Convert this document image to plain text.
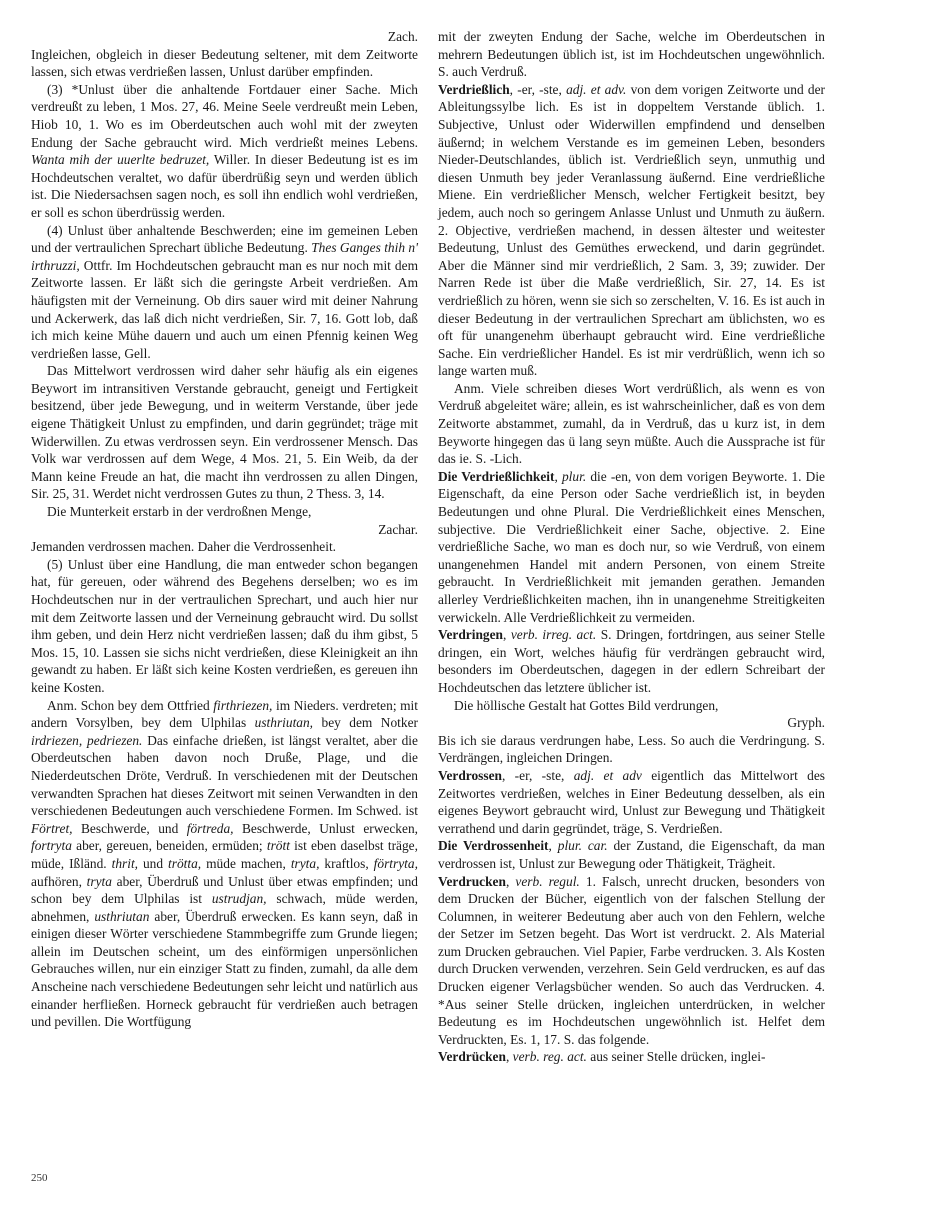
Zach.

Ingleichen, obgleich in dieser Bedeutung seltener, mit dem Zeitworte lassen, sich etwas verdrießen lassen, Unlust darüber empfinden.

(3) *Unlust über die anhaltende Fortdauer einer Sache. Mich verdreußt zu leben, 1 Mos. 27, 46. Meine Seele verdreußt mein Leben, Hiob 10, 1. Wo es im Oberdeutschen auch wohl mit der zweyten Endung der Sache gebraucht wird. Mich verdrießt meines Lebens. Wanta mih der uuerlte bedruzet, Willer. In dieser Bedeutung ist es im Hochdeutschen veraltet, wo dafür überdrüßig seyn und werden üblich ist. Die Niedersachsen sagen noch, es soll ihn endlich wohl verdrießen, er soll es schon überdrüssig werden.

(4) Unlust über anhaltende Beschwerden; eine im gemeinen Leben und der vertraulichen Sprechart übliche Bedeutung. Thes Ganges thih n' irthruzzi, Ottfr. Im Hochdeutschen gebraucht man es nur noch mit dem Zeitworte lassen. Er läßt sich die geringste Arbeit verdrießen. Am häufigsten mit der Verneinung. Ob dirs sauer wird mit deiner Nahrung und Ackerwerk, das laß dich nicht verdrießen, Sir. 7, 16. Gott lob, daß ich mich keine Mühe dauern und auch um einen Pfennig keinen Weg verdrießen lasse, Gell.

Das Mittelwort verdrossen wird daher sehr häufig als ein eigenes Beywort im intransitiven Verstande gebraucht, geneigt und Fertigkeit besitzend, über jede Bewegung, und in weiterm Verstande, über jede eigene Thätigkeit Unlust zu empfinden, und darin gegründet; träge mit Widerwillen. Zu etwas verdrossen seyn. Ein verdrossener Mensch. Das Volk war verdrossen auf dem Wege, 4 Mos. 21, 5. Ein Weib, da der Mann keine Freude an hat, die macht ihn verdrossen zu allen Dingen, Sir. 25, 31. Werdet nicht verdrossen Gutes zu thun, 2 Thess. 3, 14.

Die Munterkeit erstarb in der verdroßnen Menge,

Zachar.

Jemanden verdrossen machen. Daher die Verdrossenheit.

(5) Unlust über eine Handlung, die man entweder schon begangen hat, für gereuen, oder während des Begehens derselben; wo es im Hochdeutschen nur in der vertraulichen Sprechart, und auch hier nur mit dem Zeitworte lassen und der Verneinung gebraucht wird. Du sollst ihm geben, und dein Herz nicht verdrießen lassen; daß du ihm gibst, 5 Mos. 15, 10. Lassen sie sichs nicht verdrießen, diese Kleinigkeit an ihn gewandt zu haben. Er läßt sich keine Kosten verdrießen, es gereuen ihn keine Kosten.

Anm. Schon bey dem Ottfried firthriezen, im Nieders. verdreten; mit andern Vorsylben, bey dem Ulphilas usthriutan, bey dem Notker irdriezen, pedriezen. Das einfache drießen, ist längst veraltet, aber die Oberdeutschen haben davon noch Druße, Plage, und die Niederdeutschen Dröte, Verdruß. In verschiedenen mit der Deutschen verwandten Sprachen hat dieses Zeitwort mit seinen Verwandten in den verschiedenen Bedeutungen auch verschiedene Formen. Im Schwed. ist Förtret, Beschwerde, und förtreda, Beschwerde, Unlust erwecken, fortryta aber, gereuen, beneiden, ermüden; trött ist eben daselbst träge, müde, Ißländ. thrit, und trötta, müde machen, tryta, kraftlos, förtryta, aufhören, tryta aber, Überdruß und Unlust über etwas empfinden; und schon bey dem Ulphilas ist ustrudjan, schwach, müde werden, abnehmen, usthriutan aber, Überdruß erwecken. Es kann seyn, daß in einigen dieser Wörter verschiedene Stammbegriffe zum Grunde liegen; allein im Deutschen scheint, um des einförmigen unpersönlichen Gebrauches willen, nur ein einziger Statt zu finden, zumahl, da alle dem Anscheine nach verschiedene Bedeutungen sehr leicht und natürlich aus einander herfließen. Horneck gebraucht für verdrießen auch betragen und pevillen. Die Wortfügung

mit der zweyten Endung der Sache, welche im Oberdeutschen in mehrern Bedeutungen üblich ist, ist im Hochdeutschen ungewöhnlich. S. auch Verdruß.

Verdrießlich, -er, -ste, adj. et adv. von dem vorigen Zeitworte und der Ableitungssylbe lich. Es ist in doppeltem Verstande üblich. 1. Subjective, Unlust oder Widerwillen empfindend und denselben äußernd; in welchem Verstande es im gemeinen Leben, besonders Nieder-Deutschlandes, üblich ist. Verdrießlich seyn, unmuthig und diesen Unmuth bey jeder Veranlassung äußernd. Eine verdrießliche Miene. Ein verdrießlicher Mensch, welcher Fertigkeit besitzt, bey jedem, auch noch so geringem Anlasse Unlust und Unmuth zu äußern. 2. Objective, verdrießen machend, in dessen ältester und weitester Bedeutung, Unlust des Gemüthes erweckend, und darin gegründet. Aber die Männer sind mir verdrießlich, 2 Sam. 3, 39; zuwider. Der Narren Rede ist über die Maße verdrießlich, Sir. 27, 14. Es ist verdrießlich zu hören, wenn sie sich so zerschelten, V. 16. Es ist auch in dieser Bedeutung in der vertraulichen Sprechart am üblichsten, wo es oft für unangenehm überhaupt gebraucht wird. Eine verdrießliche Sache. Ein verdrießlicher Handel. Es ist mir verdrüßlich, wenn ich so lange warten muß.

Anm. Viele schreiben dieses Wort verdrüßlich, als wenn es von Verdruß abgeleitet wäre; allein, es ist wahrscheinlicher, daß es von dem Zeitworte abstammet, zumahl, da in Verdruß, das u kurz ist, in dem Beyworte hingegen das ü lang seyn müßte. Auch die Aussprache ist für das ie. S. -Lich.

Die Verdrießlichkeit, plur. die -en, von dem vorigen Beyworte. 1. Die Eigenschaft, da eine Person oder Sache verdrießlich ist, in beyden Bedeutungen und ohne Plural. Die Verdrießlichkeit eines Menschen, subjective. Die Verdrießlichkeit einer Sache, objective. 2. Eine verdrießliche Sache, wo man es doch nur, so wie Verdruß, von einem unangenehmen Handel mit andern Personen, von einem Streite gebraucht. In Verdrießlichkeit mit jemanden gerathen. Jemanden allerley Verdrießlichkeiten machen, ihn in unangenehme Streitigkeiten verwickeln. Alle Verdrießlichkeit zu vermeiden.

Verdringen, verb. irreg. act. S. Dringen, fortdringen, aus seiner Stelle dringen, ein Wort, welches häufig für verdrängen gebraucht wird, besonders im Oberdeutschen, dagegen in der edlern Schreibart der Hochdeutschen das letztere üblicher ist.

Die höllische Gestalt hat Gottes Bild verdrungen,

Gryph.

Bis ich sie daraus verdrungen habe, Less. So auch die Verdringung. S. Verdrängen, ingleichen Dringen.

Verdrossen, -er, -ste, adj. et adv eigentlich das Mittelwort des Zeitwortes verdrießen, welches in Einer Bedeutung desselben, als ein eigenes Beywort gebraucht wird, Unlust zur Bewegung und Thätigkeit verrathend und darin gegründet, träge, S. Verdrießen.

Die Verdrossenheit, plur. car. der Zustand, die Eigenschaft, da man verdrossen ist, Unlust zur Bewegung oder Thätigkeit, Trägheit.

Verdrucken, verb. regul. 1. Falsch, unrecht drucken, besonders von dem Drucken der Bücher, eigentlich von der falschen Stellung der Columnen, in weiterer Bedeutung aber auch von den Fehlern, welche der Setzer im Setzen begeht. Das Wort ist verdruckt. 2. Als Material zum Drucken gebrauchen. Viel Papier, Farbe verdrucken. 3. Als Kosten durch Drucken verwenden, verzehren. Sein Geld verdrucken, es auf das Drucken eigener Verlagsbücher wenden. So auch das Verdrucken. 4. *Aus seiner Stelle drücken, ingleichen unterdrücken, in welcher Bedeutung es im Hochdeutschen ungewöhnlich ist. Helfet dem Verdruckten, Es. 1, 17. S. das folgende.

Verdrücken, verb. reg. act. aus seiner Stelle drücken, inglei-

250
